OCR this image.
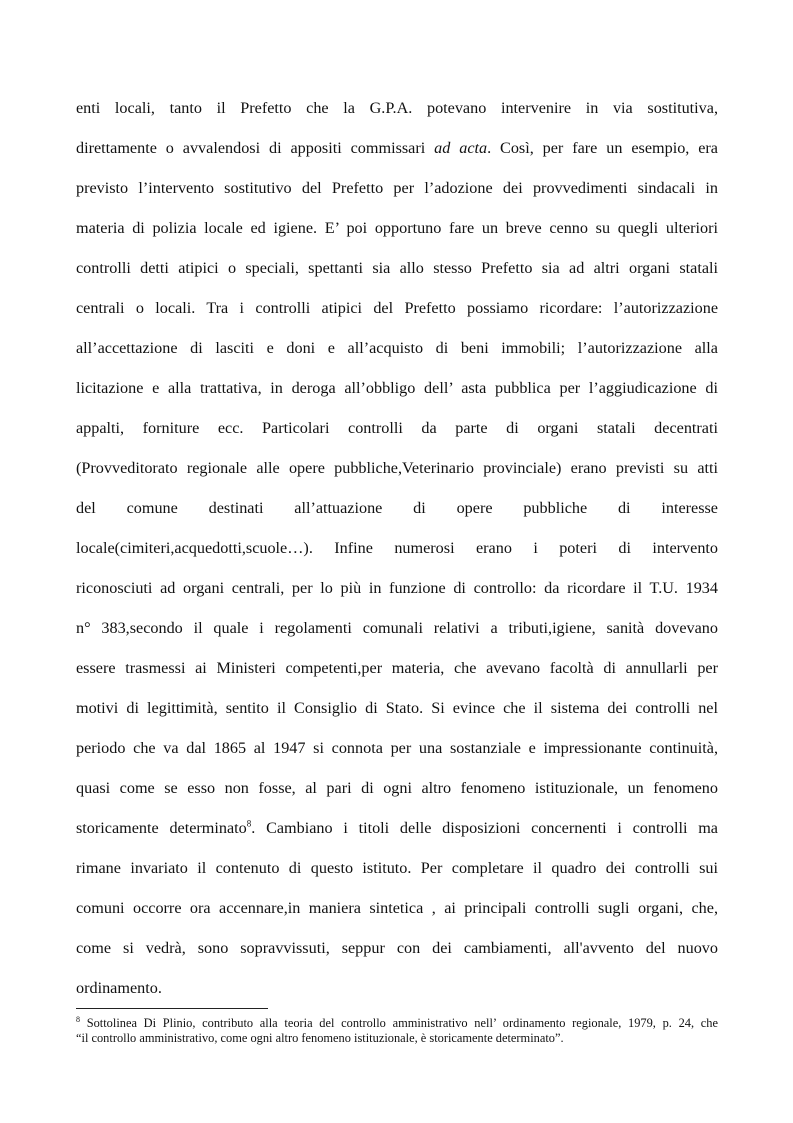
enti locali, tanto il Prefetto che la G.P.A. potevano intervenire in via sostitutiva,
direttamente o avvalendosi di appositi commissari ad acta. Così, per fare un esempio, era
previsto l’intervento sostitutivo del Prefetto per l’adozione dei provvedimenti sindacali in
materia di polizia locale ed igiene. E’ poi opportuno fare un breve cenno su quegli ulteriori
controlli detti atipici o speciali, spettanti sia allo stesso Prefetto sia ad altri organi statali
centrali o locali. Tra i controlli atipici del Prefetto possiamo ricordare: l’autorizzazione
all’accettazione di lasciti e doni e all’acquisto di beni immobili; l’autorizzazione alla
licitazione e alla trattativa, in deroga all’obbligo dell’ asta pubblica per l’aggiudicazione di
appalti, forniture ecc. Particolari controlli da parte di organi statali decentrati
(Provveditorato regionale alle opere pubbliche,Veterinario provinciale) erano previsti su atti
del comune destinati all’attuazione di opere pubbliche di interesse
locale(cimiteri,acquedotti,scuole…). Infine numerosi erano i poteri di intervento
riconosciuti ad organi centrali, per lo più in funzione di controllo: da ricordare il T.U. 1934
n° 383,secondo il quale i regolamenti comunali relativi a tributi,igiene, sanità dovevano
essere trasmessi ai Ministeri competenti,per materia, che avevano facoltà di annullarli per
motivi di legittimità, sentito il Consiglio di Stato. Si evince che il sistema dei controlli nel
periodo che va dal 1865 al 1947 si connota per una sostanziale e impressionante continuità,
quasi come se esso non fosse, al pari di ogni altro fenomeno istituzionale, un fenomeno
storicamente determinato$^8$. Cambiano i titoli delle disposizioni concernenti i controlli ma
rimane invariato il contenuto di questo istituto. Per completare il quadro dei controlli sui
comuni occorre ora accennare,in maniera sintetica , ai principali controlli sugli organi, che,
come si vedrà, sono sopravvissuti, seppur con dei cambiamenti, all'avvento del nuovo
ordinamento.
$^8$ Sottolinea Di Plinio, contributo alla teoria del controllo amministrativo nell’ ordinamento regionale, 1979, p. 24, che
“il controllo amministrativo, come ogni altro fenomeno istituzionale, è storicamente determinato”.
